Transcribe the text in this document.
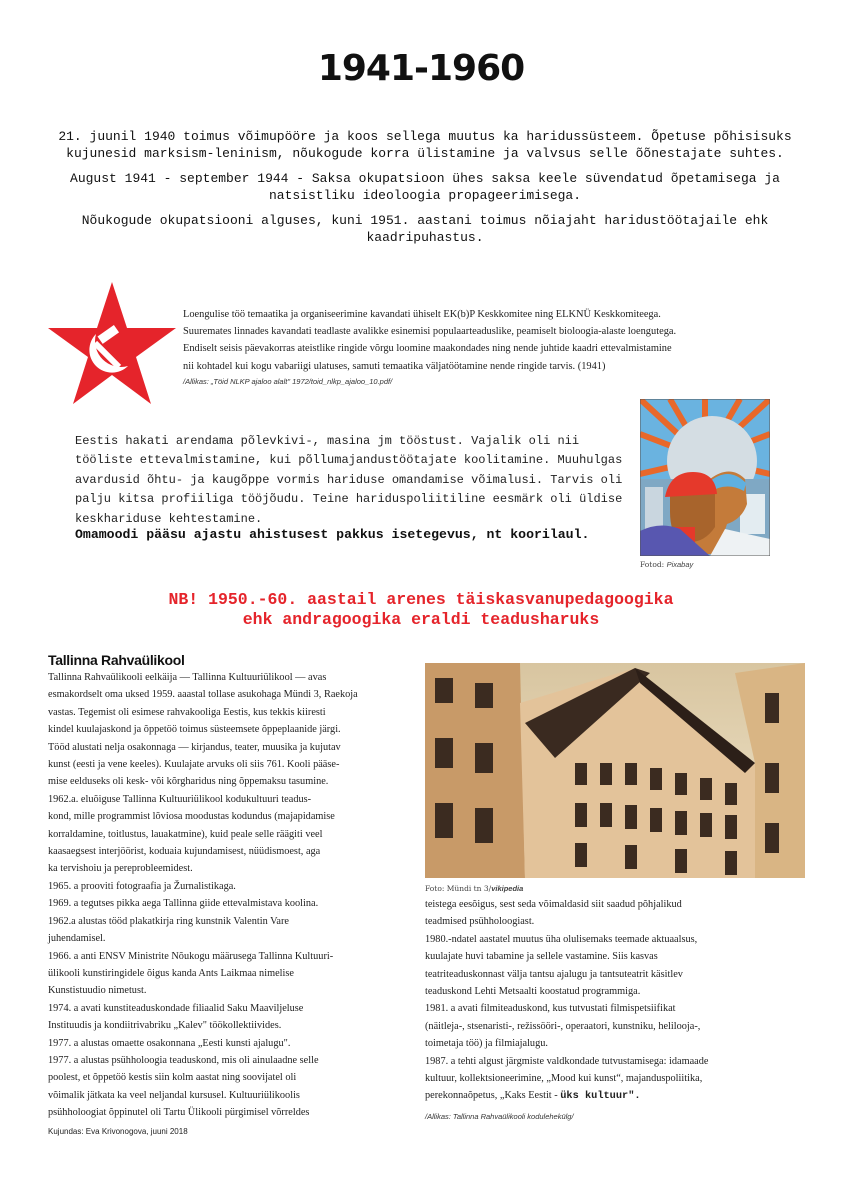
1941-1960

21. juunil 1940 toimus võimupööre ja koos sellega muutus ka haridussüsteem. Õpetuse põhisisuks kujunesid marksism-leninism, nõukogude korra ülistamine ja valvsus selle õõnestajate suhtes.

August 1941 - september 1944 - Saksa okupatsioon ühes saksa keele süvendatud õpetamisega ja natsistliku ideoloogia propageerimisega.

Nõukogude okupatsiooni alguses, kuni 1951. aastani toimus nõiajaht haridustöötajaile ehk kaadripuhastus.

Loengulise töö temaatika ja organiseerimine kavandati ühiselt EK(b)P Keskkomitee ning ELKNÜ Keskkomiteega.

Suuremates linnades kavandati teadlaste avalikke esinemisi populaarteaduslike, peamiselt bioloogia-alaste loengutega.

Endiselt seisis päevakorras ateistlike ringide võrgu loomine maakondades ning nende juhtide kaadri ettevalmistamine

nii kohtadel kui kogu vabariigi ulatuses, samuti temaatika väljatöötamine nende ringide tarvis. (1941)

/Allikas: „Töid NLKP ajaloo alalt" 1972/toid_nlkp_ajaloo_10.pdf/

Eestis hakati arendama põlevkivi-, masina jm tööstust. Vajalik oli nii

tööliste ettevalmistamine, kui põllumajandustöötajate koolitamine. Muuhulgas

avardusid õhtu- ja kaugõppe vormis hariduse omandamise võimalusi. Tarvis oli

palju kitsa profiiliga tööjõudu. Teine hariduspoliitiline eesmärk oli üldise

keskhariduse kehtestamine.

Omamoodi pääsu ajastu ahistusest pakkus isetegevus, nt koorilaul.
Fotod: Pixabay
NB! 1950.-60. aastail arenes täiskasvanupedagoogika ehk andragoogika eraldi teadusharuks
Tallinna Rahvaülikool

Tallinna Rahvaülikooli eelkäija — Tallinna Kultuuriülikool — avas

esmakordselt oma uksed 1959. aaastal tollase asukohaga Mündi 3, Raekoja

vastas. Tegemist oli esimese rahvakooliga Eestis, kus tekkis kiiresti

kindel kuulajaskond ja õppetöö toimus süsteemsete õppeplaanide järgi.

Tööd alustati nelja osakonnaga — kirjandus, teater, muusika ja kujutav

kunst (eesti ja vene keeles). Kuulajate arvuks oli siis 761. Kooli pääse-

mise eelduseks oli kesk- või kõrgharidus ning õppemaksu tasumine.

1962.a. eluõiguse Tallinna Kultuuriülikool kodukultuuri teadus-

kond, mille programmist lõviosa moodustas kodundus (majapidamise

korraldamine, toitlustus, lauakatmine), kuid peale selle räägiti veel

kaasaegsest interjöörist, koduaia kujundamisest, nüüdismoest, aga

ka tervishoiu ja pereprobleemidest.

1965. a prooviti fotograafia ja Žurnalistikaga.

1969. a tegutses pikka aega Tallinna giide ettevalmistava koolina.

1962.a alustas tööd plakatkirja ring kunstnik Valentin Vare

juhendamisel.

1966. a anti ENSV Ministrite Nõukogu määrusega Tallinna Kultuuri-

ülikooli kunstiringidele õigus kanda Ants Laikmaa nimelise

Kunstistuudio nimetust.

1974. a avati kunstiteaduskondade filiaalid Saku Maaviljeluse

Instituudis ja kondiitrivabriku „Kalev" töökollektiivides.

1977. a alustas omaette osakonnana „Eesti kunsti ajalugu".

1977. a alustas psühholoogia teaduskond, mis oli ainulaadne selle

poolest, et õppetöö kestis siin kolm aastat ning soovijatel oli

võimalik jätkata ka veel neljandal kursusel. Kultuuriülikoolis

psühholoogiat õppinutel oli Tartu Ülikooli pürgimisel võrreldes

Foto: Mündi tn 3/vikipedia

teistega eesõigus, sest seda võimaldasid siit saadud põhjalikud

teadmised psühholoogiast.

1980.-ndatel aastatel muutus üha olulisemaks teemade aktuaalsus,

kuulajate huvi tabamine ja sellele vastamine. Siis kasvas

teatriteaduskonnast välja tantsu ajalugu ja tantsuteatrit käsitlev

teaduskond Lehti Metsaalti koostatud programmiga.

1981. a avati filmiteaduskond, kus tutvustati filmispetsiifikat

(näitleja-, stsenaristi-, režissööri-, operaatori, kunstniku, helilooja-,

toimetaja töö) ja filmiajalugu.

1987. a tehti algust järgmiste valdkondade tutvustamisega: idamaade

kultuur, kollektsioneerimine, „Mood kui kunst“, majanduspoliitika,

perekonnaõpetus, „Kaks Eestit - üks kultuur".

/Allikas: Tallinna Rahvaülikooli kodulehekülg/

Kujundas: Eva Krivonogova, juuni 2018
